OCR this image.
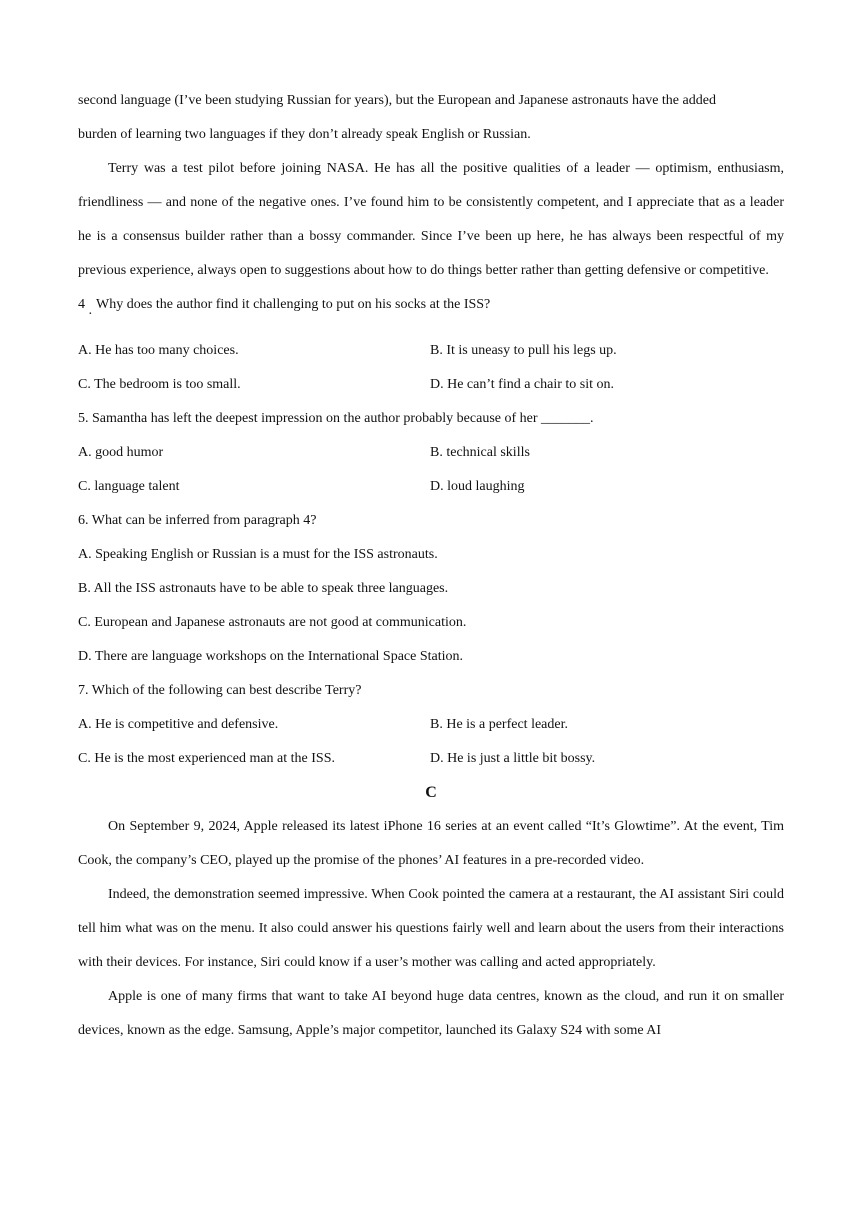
second language (I’ve been studying Russian for years), but the European and Japanese astronauts have the added
burden of learning two languages if they don’t already speak English or Russian.

Terry was a test pilot before joining NASA. He has all the positive qualities of a leader — optimism, enthusiasm, friendliness — and none of the negative ones. I’ve found him to be consistently competent, and I appreciate that as a leader he is a consensus builder rather than a bossy commander. Since I’ve been up here, he has always been respectful of my previous experience, always open to suggestions about how to do things better rather than getting defensive or competitive.

4 Why does the author find it challenging to put on his socks at the ISS?
·
A. He has too many choices.	B. It is uneasy to pull his legs up.
C. The bedroom is too small.	D. He can’t find a chair to sit on.
5. Samantha has left the deepest impression on the author probably because of her _______.
A. good humor	B. technical skills
C. language talent	D. loud laughing
6. What can be inferred from paragraph 4?
A. Speaking English or Russian is a must for the ISS astronauts.
B. All the ISS astronauts have to be able to speak three languages.
C. European and Japanese astronauts are not good at communication.
D. There are language workshops on the International Space Station.
7. Which of the following can best describe Terry?
A. He is competitive and defensive.	B. He is a perfect leader.
C. He is the most experienced man at the ISS.	D. He is just a little bit bossy.
C

On September 9, 2024, Apple released its latest iPhone 16 series at an event called “It’s Glowtime”. At the event, Tim Cook, the company’s CEO, played up the promise of the phones’ AI features in a pre-recorded video.

Indeed, the demonstration seemed impressive. When Cook pointed the camera at a restaurant, the AI assistant Siri could tell him what was on the menu. It also could answer his questions fairly well and learn about the users from their interactions with their devices. For instance, Siri could know if a user’s mother was calling and acted appropriately.

Apple is one of many firms that want to take AI beyond huge data centres, known as the cloud, and run it on smaller devices, known as the edge. Samsung, Apple’s major competitor, launched its Galaxy S24 with some AI
